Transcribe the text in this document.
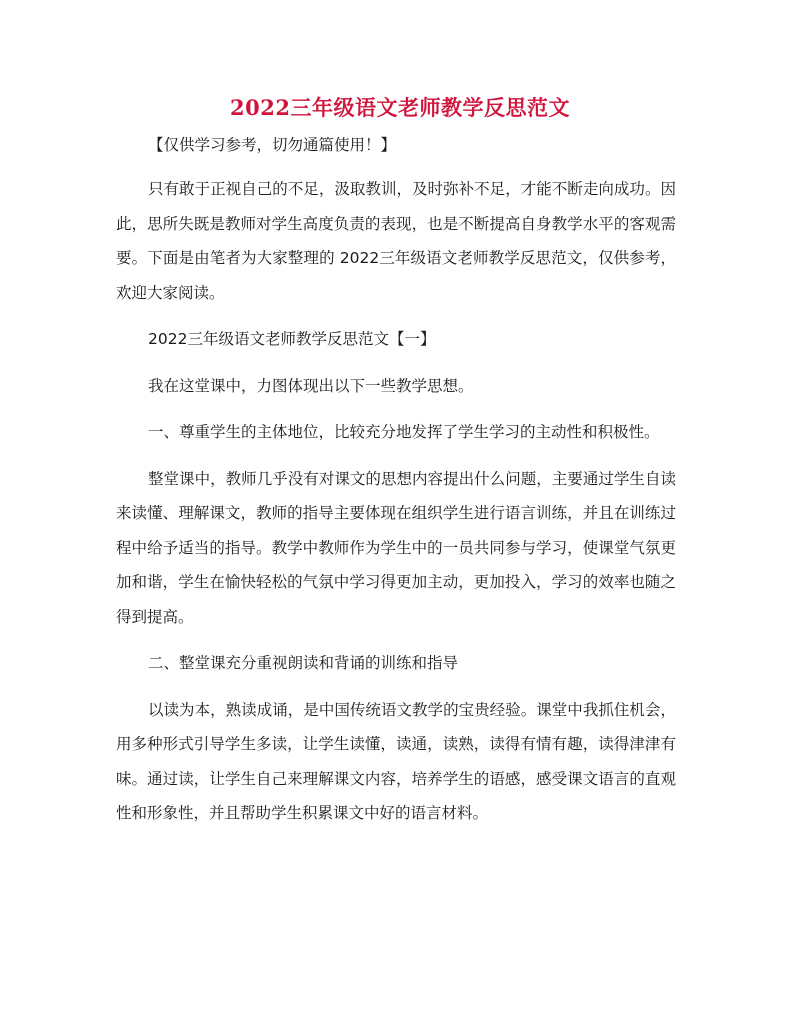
2022三年级语文老师教学反思范文
【仅供学习参考，切勿通篇使用！】

只有敢于正视自己的不足，汲取教训，及时弥补不足，才能不断走向成功。因此，思所失既是教师对学生高度负责的表现，也是不断提高自身教学水平的客观需要。下面是由笔者为大家整理的 2022三年级语文老师教学反思范文，仅供参考，欢迎大家阅读。

2022三年级语文老师教学反思范文【一】

我在这堂课中，力图体现出以下一些教学思想。

一、尊重学生的主体地位，比较充分地发挥了学生学习的主动性和积极性。

整堂课中，教师几乎没有对课文的思想内容提出什么问题，主要通过学生自读来读懂、理解课文，教师的指导主要体现在组织学生进行语言训练，并且在训练过程中给予适当的指导。教学中教师作为学生中的一员共同参与学习，使课堂气氛更加和谐，学生在愉快轻松的气氛中学习得更加主动，更加投入，学习的效率也随之得到提高。

二、整堂课充分重视朗读和背诵的训练和指导

以读为本，熟读成诵，是中国传统语文教学的宝贵经验。课堂中我抓住机会，用多种形式引导学生多读，让学生读懂，读通，读熟，读得有情有趣，读得津津有味。通过读，让学生自己来理解课文内容，培养学生的语感，感受课文语言的直观性和形象性，并且帮助学生积累课文中好的语言材料。
